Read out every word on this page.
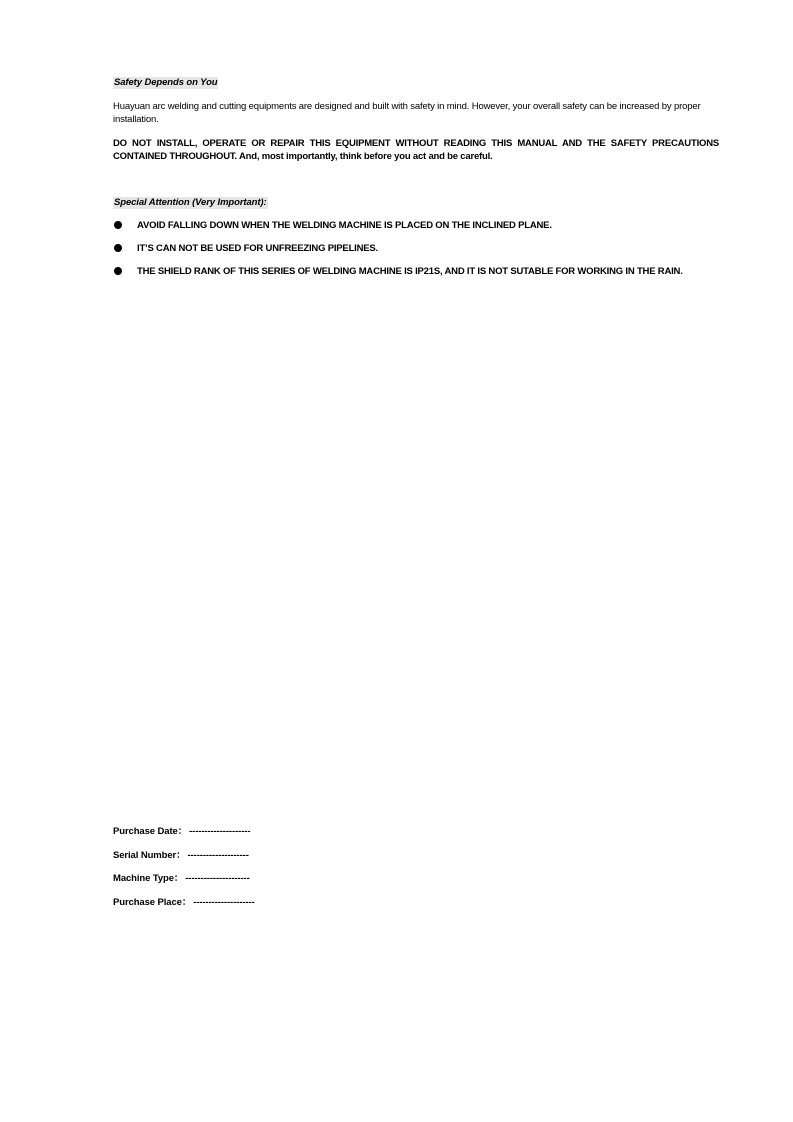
Safety Depends on You
Huayuan arc welding and cutting equipments are designed and built with safety in mind. However, your overall safety can be increased by proper installation.
DO NOT INSTALL, OPERATE OR REPAIR THIS EQUIPMENT WITHOUT READING THIS MANUAL AND THE SAFETY PRECAUTIONS CONTAINED THROUGHOUT. And, most importantly, think before you act and be careful.
Special Attention (Very Important):
AVOID FALLING DOWN WHEN THE WELDING MACHINE IS PLACED ON THE INCLINED PLANE.
IT’S CAN NOT BE USED FOR UNFREEZING PIPELINES.
THE SHIELD RANK OF THIS SERIES OF WELDING MACHINE IS IP21S, AND IT IS NOT SUTABLE FOR WORKING IN THE RAIN.
Purchase Date： --------------------
Serial Number： --------------------
Machine Type： ---------------------
Purchase Place： --------------------
